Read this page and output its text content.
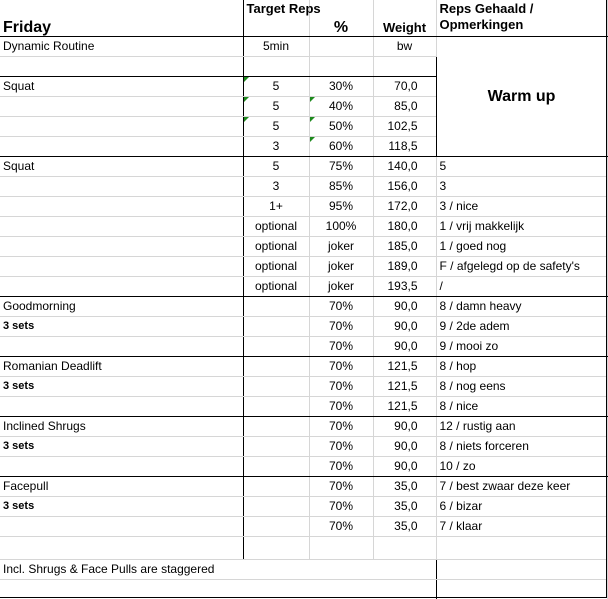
Friday	Target Reps	%	Weight	Reps Gehaald / Opmerkingen
Dynamic Routine	5min		bw	Warm up

Squat	5	30%	70,0	
	5	40%	85,0	
	5	50%	102,5	
	3	60%	118,5	
Squat	5	75%	140,0	5
	3	85%	156,0	3
	1+	95%	172,0	3 / nice
	optional	100%	180,0	1 / vrij makkelijk
	optional	joker	185,0	1 / goed nog
	optional	joker	189,0	F / afgelegd op de safety's
	optional	joker	193,5	/
Goodmorning		70%	90,0	8 / damn heavy
3 sets		70%	90,0	9 / 2de adem
		70%	90,0	9 / mooi zo
Romanian Deadlift		70%	121,5	8 / hop
3 sets		70%	121,5	8 / nog eens
		70%	121,5	8 / nice
Inclined Shrugs		70%	90,0	12 / rustig aan
3 sets		70%	90,0	8 / niets forceren
		70%	90,0	10 / zo
Facepull		70%	35,0	7 / best zwaar deze keer
3 sets		70%	35,0	6 / bizar
		70%	35,0	7 / klaar

Incl. Shrugs & Face Pulls are staggered				
